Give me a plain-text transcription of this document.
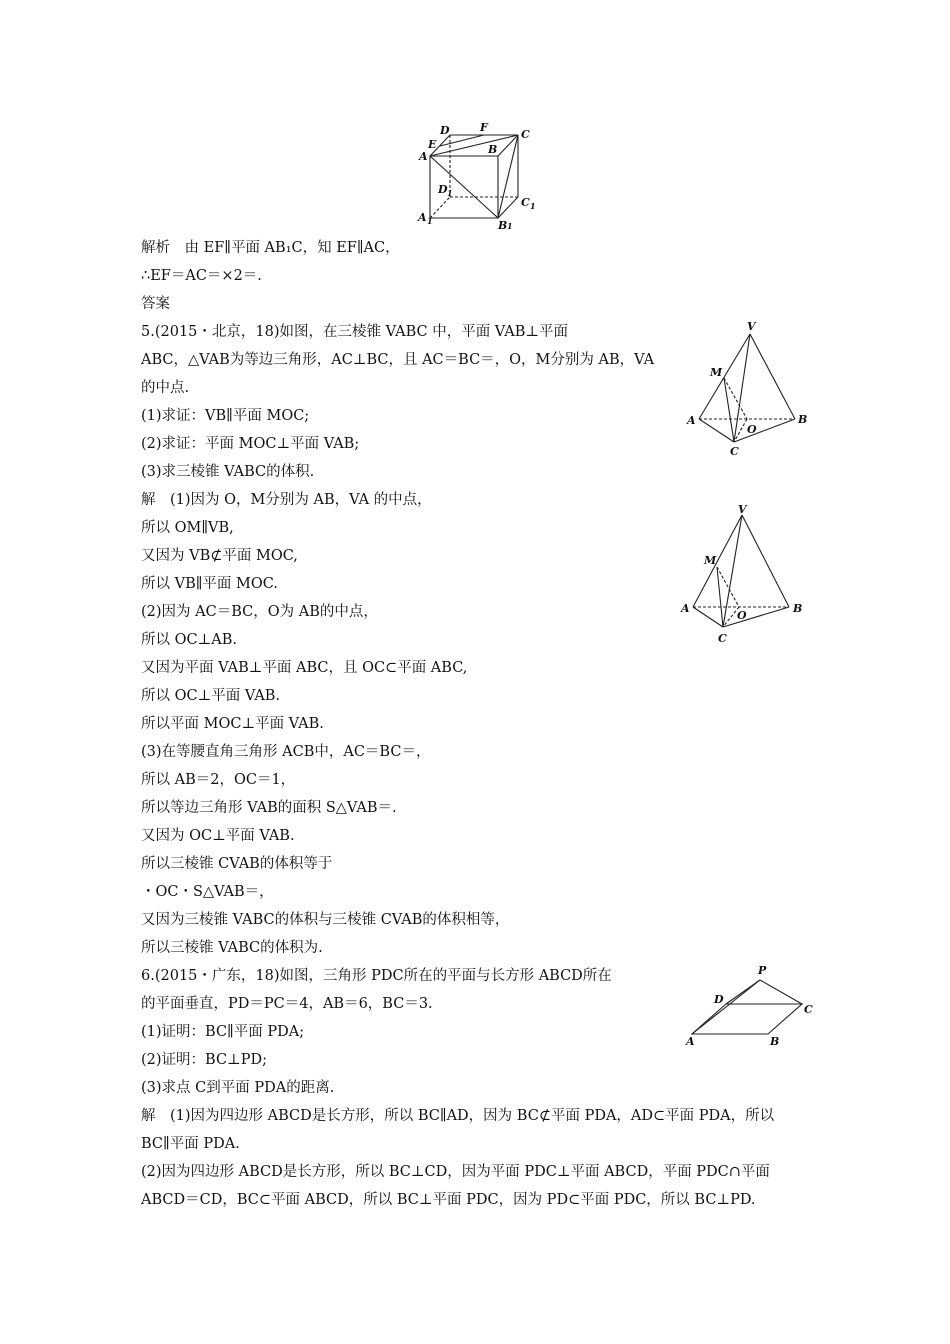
D	F
C
E	B
A
D 1
C 1
A 1	B 1
V
M
A	B
O
C
V
M
A	B
O
C
P
D
C
A	B
解析　由 EF∥平面 AB₁C，知 EF∥AC，
∴EF＝AC＝×2＝.
答案
5.(2015・北京，18)如图，在三棱锥 VABC 中，平面 VAB⊥平面
ABC，△VAB为等边三角形，AC⊥BC，且 AC＝BC＝，O，M分别为 AB，VA
的中点.
(1)求证：VB∥平面 MOC;
(2)求证：平面 MOC⊥平面 VAB;
(3)求三棱锥 VABC的体积.
解　(1)因为 O，M分别为 AB，VA 的中点，
所以 OM∥VB,
又因为 VB⊄平面 MOC,
所以 VB∥平面 MOC.
(2)因为 AC＝BC，O为 AB的中点，
所以 OC⊥AB.
又因为平面 VAB⊥平面 ABC，且 OC⊂平面 ABC,
所以 OC⊥平面 VAB.
所以平面 MOC⊥平面 VAB.
(3)在等腰直角三角形 ACB中，AC＝BC＝，
所以 AB＝2，OC＝1，
所以等边三角形 VAB的面积 S△VAB＝.
又因为 OC⊥平面 VAB.
所以三棱锥 CVAB的体积等于
・OC・S△VAB＝，
又因为三棱锥 VABC的体积与三棱锥 CVAB的体积相等，
所以三棱锥 VABC的体积为.
6.(2015・广东，18)如图，三角形 PDC所在的平面与长方形 ABCD所在
的平面垂直，PD＝PC＝4，AB＝6，BC＝3.
(1)证明：BC∥平面 PDA;
(2)证明：BC⊥PD;
(3)求点 C到平面 PDA的距离.
解　(1)因为四边形 ABCD是长方形，所以 BC∥AD，因为 BC⊄平面 PDA，AD⊂平面 PDA，所以
BC∥平面 PDA.
(2)因为四边形 ABCD是长方形，所以 BC⊥CD，因为平面 PDC⊥平面 ABCD，平面 PDC∩平面
ABCD＝CD，BC⊂平面 ABCD，所以 BC⊥平面 PDC，因为 PD⊂平面 PDC，所以 BC⊥PD.
